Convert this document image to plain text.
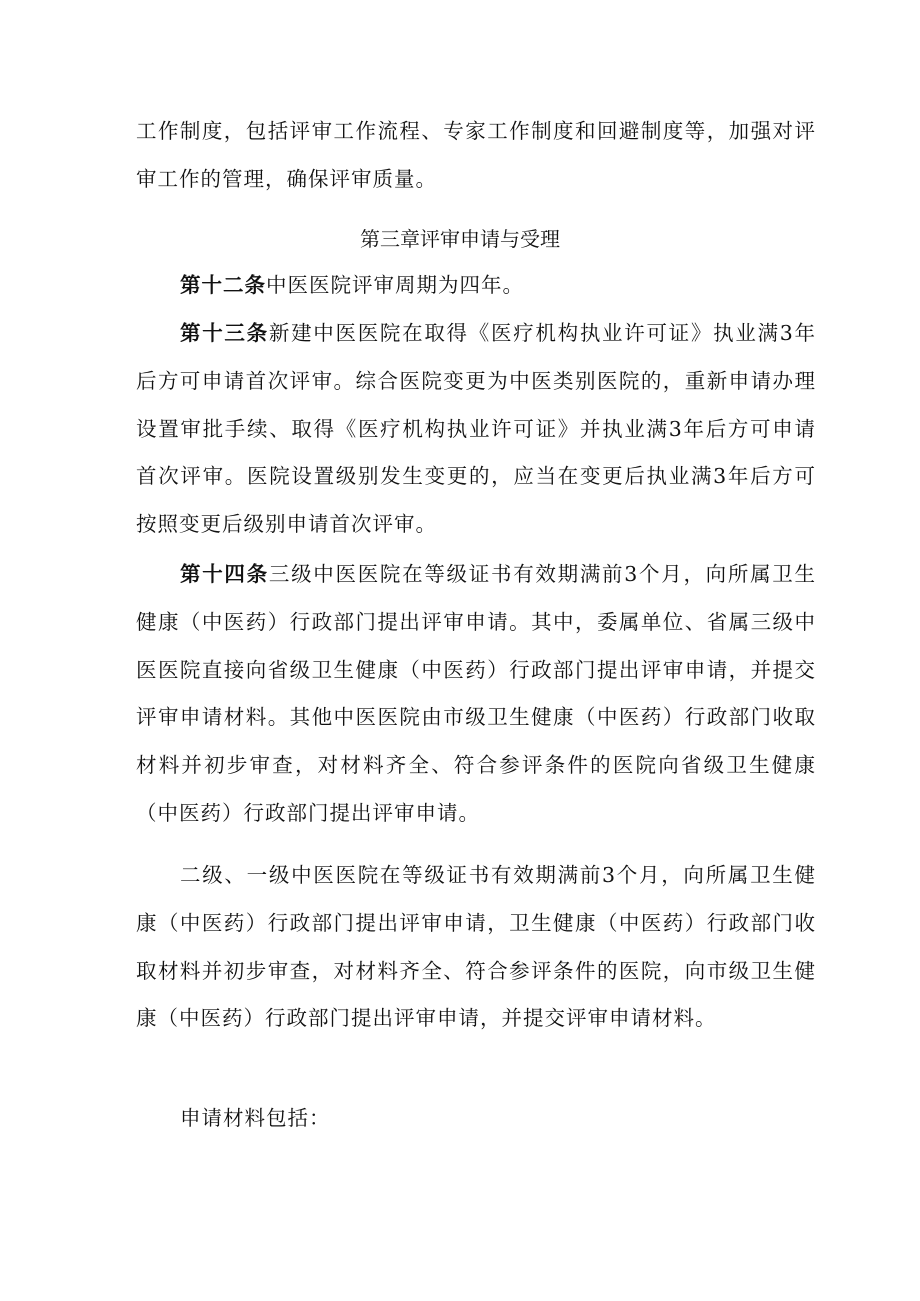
工作制度，包括评审工作流程、专家工作制度和回避制度等，加强对评审工作的管理，确保评审质量。

第三章评审申请与受理

第十二条中医医院评审周期为四年。

第十三条新建中医医院在取得《医疗机构执业许可证》执业满3年后方可申请首次评审。综合医院变更为中医类别医院的，重新申请办理设置审批手续、取得《医疗机构执业许可证》并执业满3年后方可申请首次评审。医院设置级别发生变更的，应当在变更后执业满3年后方可按照变更后级别申请首次评审。

第十四条三级中医医院在等级证书有效期满前3个月，向所属卫生健康（中医药）行政部门提出评审申请。其中，委属单位、省属三级中医医院直接向省级卫生健康（中医药）行政部门提出评审申请，并提交评审申请材料。其他中医医院由市级卫生健康（中医药）行政部门收取材料并初步审查，对材料齐全、符合参评条件的医院向省级卫生健康（中医药）行政部门提出评审申请。

二级、一级中医医院在等级证书有效期满前3个月，向所属卫生健康（中医药）行政部门提出评审申请，卫生健康（中医药）行政部门收取材料并初步审查，对材料齐全、符合参评条件的医院，向市级卫生健康（中医药）行政部门提出评审申请，并提交评审申请材料。

申请材料包括：
